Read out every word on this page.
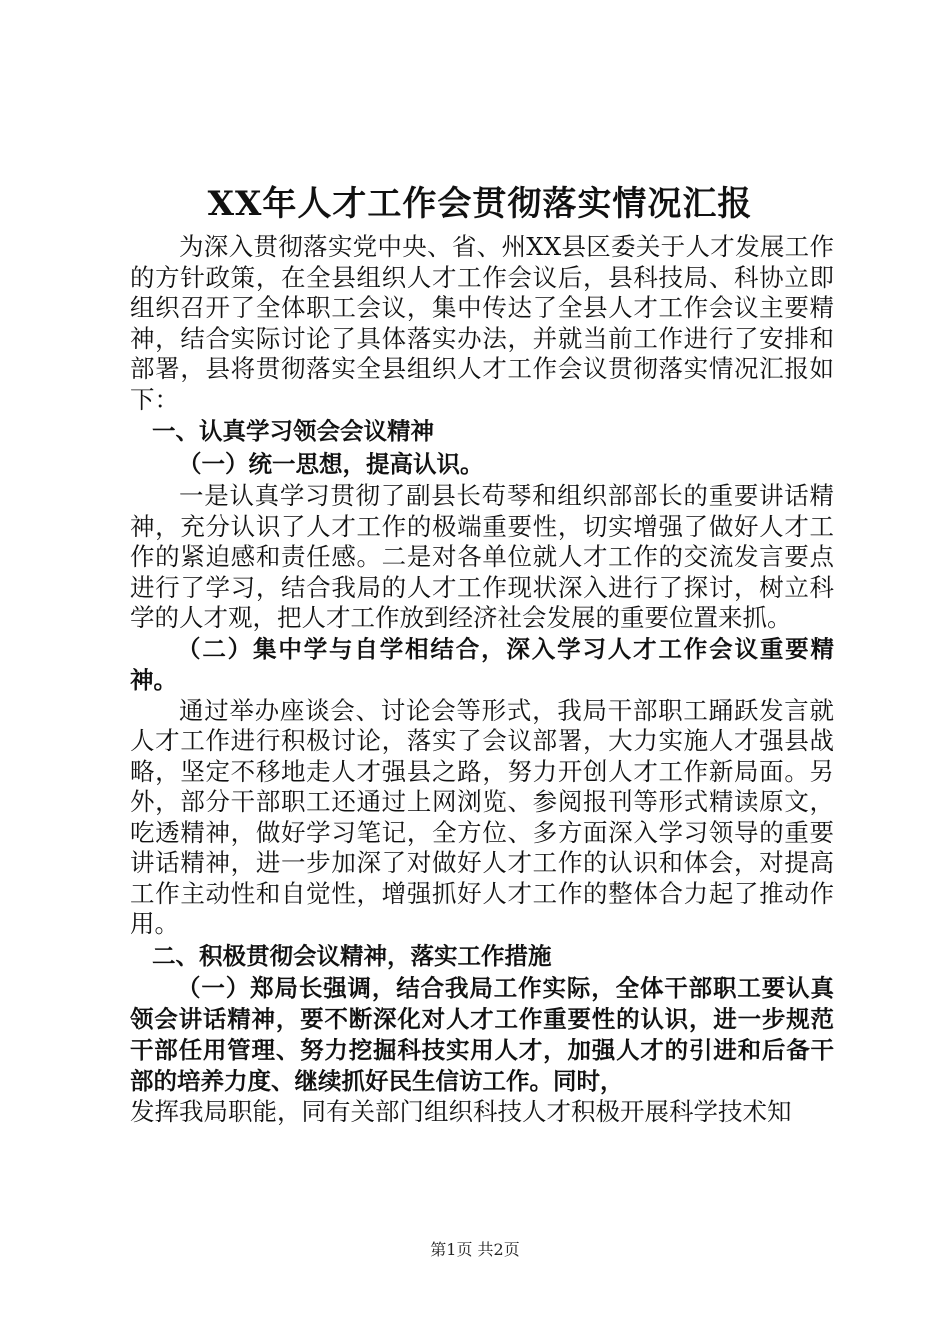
XX年人才工作会贯彻落实情况汇报

为深入贯彻落实党中央、省、州XX县区委关于人才发展工作的方针政策，在全县组织人才工作会议后，县科技局、科协立即组织召开了全体职工会议，集中传达了全县人才工作会议主要精神，结合实际讨论了具体落实办法，并就当前工作进行了安排和部署，县将贯彻落实全县组织人才工作会议贯彻落实情况汇报如下：

一、认真学习领会会议精神

（一）统一思想，提高认识。

一是认真学习贯彻了副县长苟琴和组织部部长的重要讲话精神，充分认识了人才工作的极端重要性，切实增强了做好人才工作的紧迫感和责任感。二是对各单位就人才工作的交流发言要点进行了学习，结合我局的人才工作现状深入进行了探讨，树立科学的人才观，把人才工作放到经济社会发展的重要位置来抓。

（二）集中学与自学相结合，深入学习人才工作会议重要精神。

通过举办座谈会、讨论会等形式，我局干部职工踊跃发言就人才工作进行积极讨论，落实了会议部署，大力实施人才强县战略，坚定不移地走人才强县之路，努力开创人才工作新局面。另外，部分干部职工还通过上网浏览、参阅报刊等形式精读原文，吃透精神，做好学习笔记，全方位、多方面深入学习领导的重要讲话精神，进一步加深了对做好人才工作的认识和体会，对提高工作主动性和自觉性，增强抓好人才工作的整体合力起了推动作用。

二、积极贯彻会议精神，落实工作措施

（一）郑局长强调，结合我局工作实际，全体干部职工要认真领会讲话精神，要不断深化对人才工作重要性的认识，进一步规范干部任用管理、努力挖掘科技实用人才，加强人才的引进和后备干部的培养力度、继续抓好民生信访工作。同时，

发挥我局职能，同有关部门组织科技人才积极开展科学技术知

第1页 共2页
